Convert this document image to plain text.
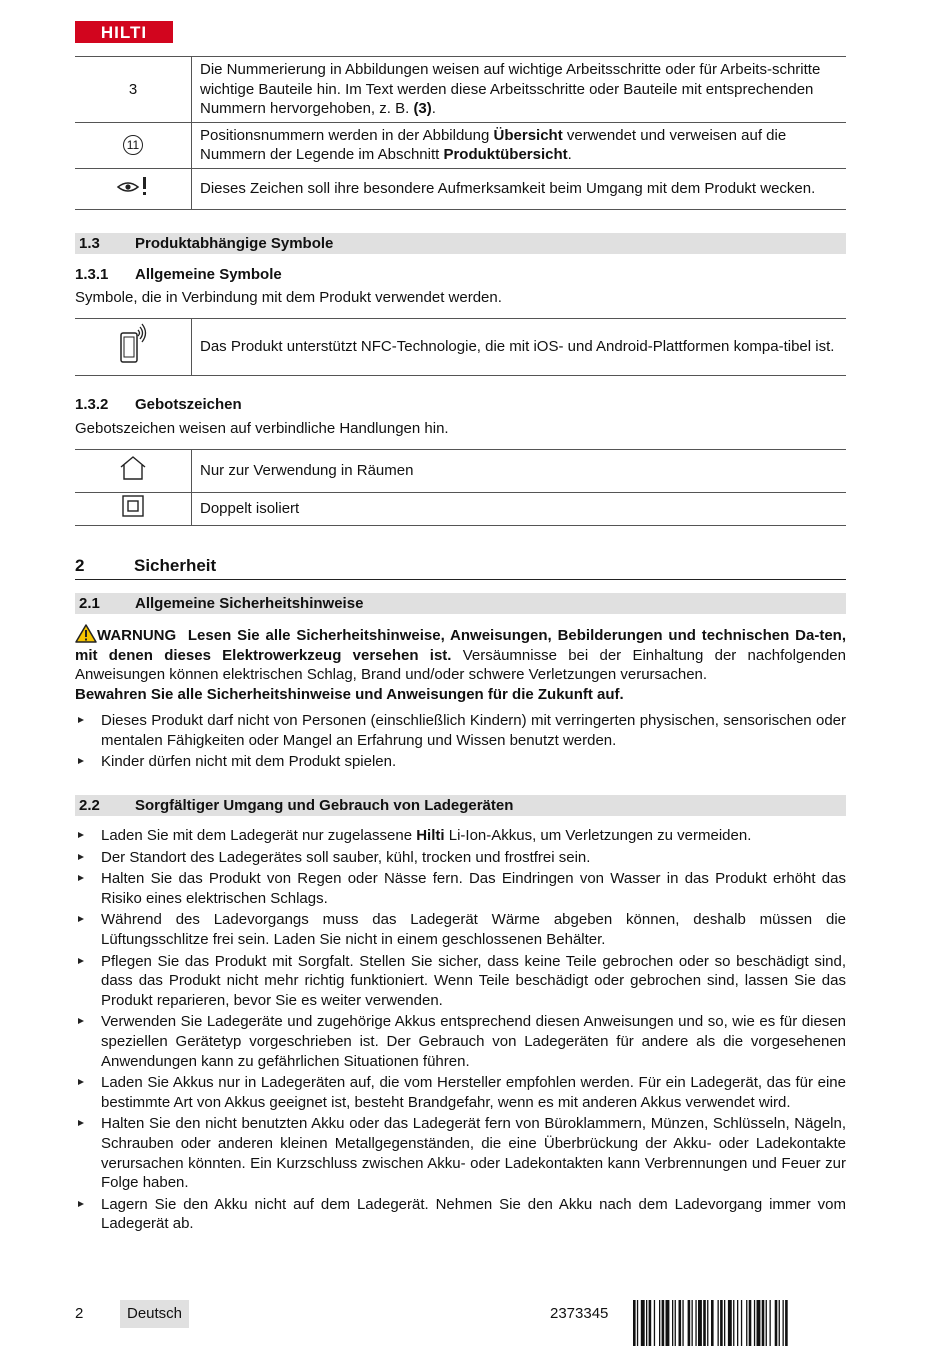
HILTI
3	Die Nummerierung in Abbildungen weisen auf wichtige Arbeitsschritte oder für Arbeits-schritte wichtige Bauteile hin. Im Text werden diese Arbeitsschritte oder Bauteile mit entsprechenden Nummern hervorgehoben, z. B. (3).
11	Positionsnummern werden in der Abbildung Übersicht verwendet und verweisen auf die Nummern der Legende im Abschnitt Produktübersicht.
	Dieses Zeichen soll ihre besondere Aufmerksamkeit beim Umgang mit dem Produkt wecken.
1.3	Produktabhängige Symbole
1.3.1	Allgemeine Symbole
Symbole, die in Verbindung mit dem Produkt verwendet werden.
	Das Produkt unterstützt NFC-Technologie, die mit iOS- und Android-Plattformen kompa-tibel ist.
1.3.2	Gebotszeichen
Gebotszeichen weisen auf verbindliche Handlungen hin.
	Nur zur Verwendung in Räumen
	Doppelt isoliert
2	Sicherheit
2.1	Allgemeine Sicherheitshinweise
WARNUNG Lesen Sie alle Sicherheitshinweise, Anweisungen, Bebilderungen und technischen Da-ten, mit denen dieses Elektrowerkzeug versehen ist. Versäumnisse bei der Einhaltung der nachfolgenden Anweisungen können elektrischen Schlag, Brand und/oder schwere Verletzungen verursachen.
Bewahren Sie alle Sicherheitshinweise und Anweisungen für die Zukunft auf.
Dieses Produkt darf nicht von Personen (einschließlich Kindern) mit verringerten physischen, sensorischen oder mentalen Fähigkeiten oder Mangel an Erfahrung und Wissen benutzt werden.
Kinder dürfen nicht mit dem Produkt spielen.
2.2	Sorgfältiger Umgang und Gebrauch von Ladegeräten
Laden Sie mit dem Ladegerät nur zugelassene Hilti Li-Ion-Akkus, um Verletzungen zu vermeiden.
Der Standort des Ladegerätes soll sauber, kühl, trocken und frostfrei sein.
Halten Sie das Produkt von Regen oder Nässe fern. Das Eindringen von Wasser in das Produkt erhöht das Risiko eines elektrischen Schlags.
Während des Ladevorgangs muss das Ladegerät Wärme abgeben können, deshalb müssen die Lüftungsschlitze frei sein. Laden Sie nicht in einem geschlossenen Behälter.
Pflegen Sie das Produkt mit Sorgfalt. Stellen Sie sicher, dass keine Teile gebrochen oder so beschädigt sind, dass das Produkt nicht mehr richtig funktioniert. Wenn Teile beschädigt oder gebrochen sind, lassen Sie das Produkt reparieren, bevor Sie es weiter verwenden.
Verwenden Sie Ladegeräte und zugehörige Akkus entsprechend diesen Anweisungen und so, wie es für diesen speziellen Gerätetyp vorgeschrieben ist. Der Gebrauch von Ladegeräten für andere als die vorgesehenen Anwendungen kann zu gefährlichen Situationen führen.
Laden Sie Akkus nur in Ladegeräten auf, die vom Hersteller empfohlen werden. Für ein Ladegerät, das für eine bestimmte Art von Akkus geeignet ist, besteht Brandgefahr, wenn es mit anderen Akkus verwendet wird.
Halten Sie den nicht benutzten Akku oder das Ladegerät fern von Büroklammern, Münzen, Schlüsseln, Nägeln, Schrauben oder anderen kleinen Metallgegenständen, die eine Überbrückung der Akku- oder Ladekontakte verursachen könnten. Ein Kurzschluss zwischen Akku- oder Ladekontakten kann Verbrennungen und Feuer zur Folge haben.
Lagern Sie den Akku nicht auf dem Ladegerät. Nehmen Sie den Akku nach dem Ladevorgang immer vom Ladegerät ab.
2	Deutsch	2373345
